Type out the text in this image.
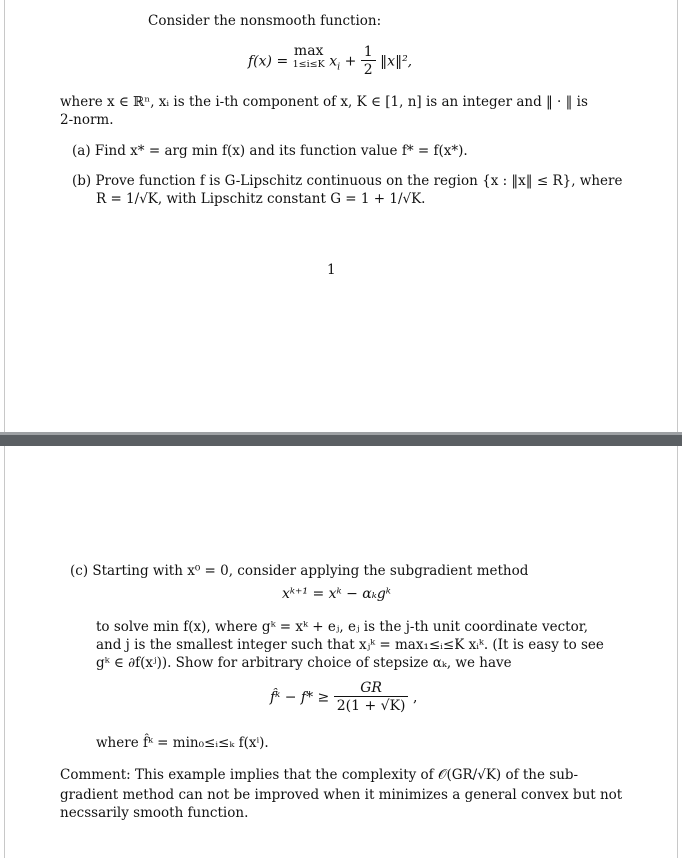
Consider the nonsmooth function:
f(x) =
max
1≤i≤K $x_i + \frac{1}{2}$ ‖x‖²,
where x ∈ ℝⁿ, xᵢ is the i-th component of x, K ∈ [1, n] is an integer and ‖ · ‖ is
2-norm.
(a) Find x* = arg min f(x) and its function value f* = f(x*).
(b) Prove function f is G-Lipschitz continuous on the region {x : ‖x‖ ≤ R}, where
R = 1/√K, with Lipschitz constant G = 1 + 1/√K.
1
(c) Starting with x⁰ = 0, consider applying the subgradient method
xᵏ⁺¹ = xᵏ − αₖgᵏ
to solve min f(x), where gᵏ = xᵏ + eⱼ, eⱼ is the j-th unit coordinate vector,
and j is the smallest integer such that xⱼᵏ = max₁≤ᵢ≤K xᵢᵏ. (It is easy to see
gᵏ ∈ ∂f(xʲ)). Show for arbitrary choice of stepsize αₖ, we have
f̂ᵏ − $f* \ge \frac{GR}{2(1 + √K)}$ ,
where f̂ᵏ = min₀≤ᵢ≤ₖ f(xⁱ).
Comment: This example implies that the complexity of 𝒪(GR/√K) of the sub-
gradient method can not be improved when it minimizes a general convex but not
necssarily smooth function.
